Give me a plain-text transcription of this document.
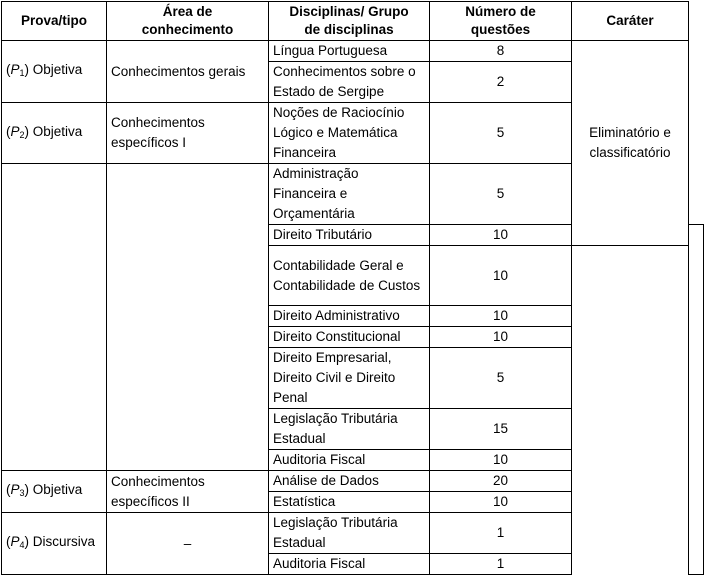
Prova/tipo	Área de conhecimento	Disciplinas/ Grupo de disciplinas	Número de questões	Caráter	
$(P_1)$ Objetiva	Conhecimentos gerais	Língua Portuguesa	8	Eliminatório e classificatório	
		Conhecimentos sobre o Estado de Sergipe	2		
$(P_2)$ Objetiva	Conhecimentos específicos I	Noções de Raciocínio Lógico e Matemática Financeira	5		
		Administração Financeira e Orçamentária	5		
		Direito Tributário	10		
		Contabilidade Geral e Contabilidade de Custos	10		
		Direito Administrativo	10		
		Direito Constitucional	10		
		Direito Empresarial, Direito Civil e Direito Penal	5		
		Legislação Tributária Estadual	15		
		Auditoria Fiscal	10		
$(P_3)$ Objetiva	Conhecimentos específicos II	Análise de Dados	20		
		Estatística	10		
$(P_4)$ Discursiva	–	Legislação Tributária Estadual	1		
		Auditoria Fiscal	1		
